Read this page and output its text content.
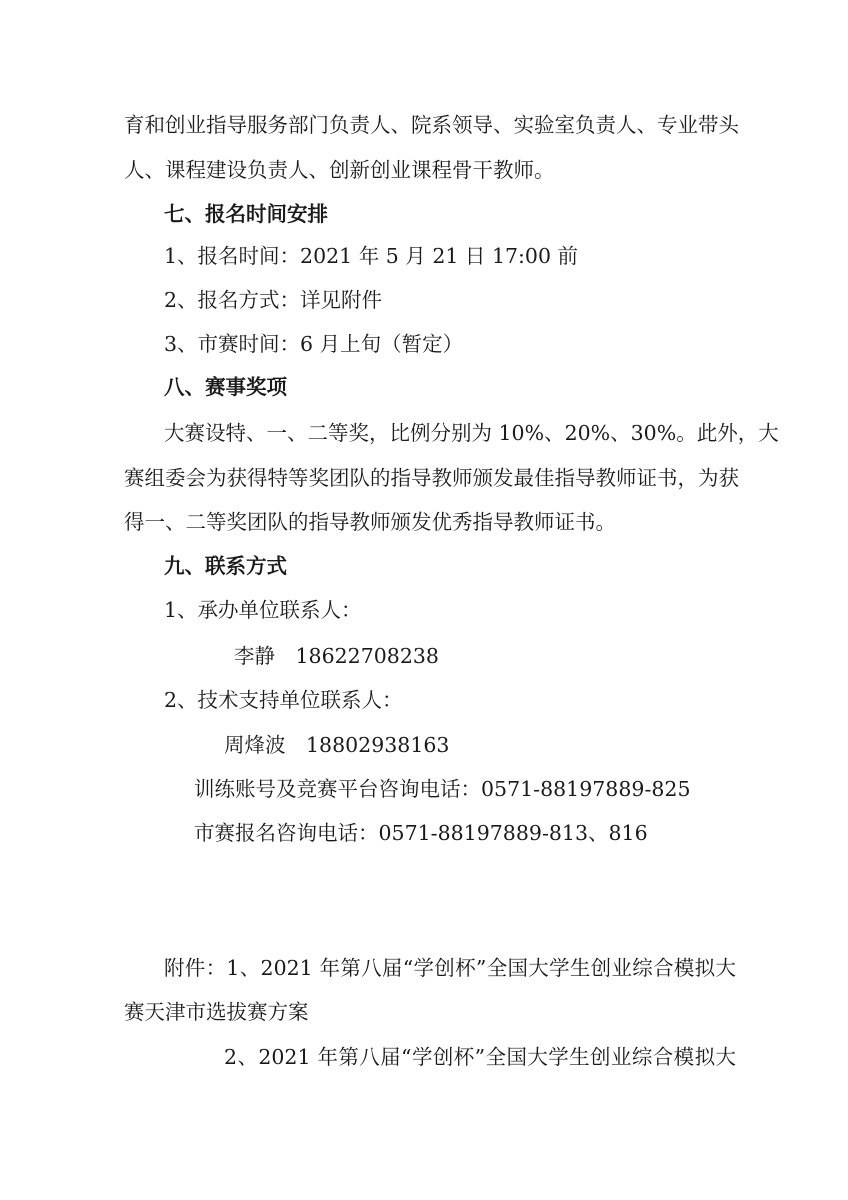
育和创业指导服务部门负责人、院系领导、实验室负责人、专业带头

人、课程建设负责人、创新创业课程骨干教师。

七、报名时间安排

1、报名时间：2021 年 5 月 21 日 17:00 前

2、报名方式：详见附件

3、市赛时间：6 月上旬（暂定）

八、赛事奖项

大赛设特、一、二等奖，比例分别为 10%、20%、30%。此外，大

赛组委会为获得特等奖团队的指导教师颁发最佳指导教师证书，为获

得一、二等奖团队的指导教师颁发优秀指导教师证书。

九、联系方式

1、承办单位联系人：

李静　18622708238

2、技术支持单位联系人：

周烽波　18802938163

训练账号及竞赛平台咨询电话：0571-88197889-825

市赛报名咨询电话：0571-88197889-813、816

附件：1、2021 年第八届“学创杯”全国大学生创业综合模拟大

赛天津市选拔赛方案

2、2021 年第八届“学创杯”全国大学生创业综合模拟大
